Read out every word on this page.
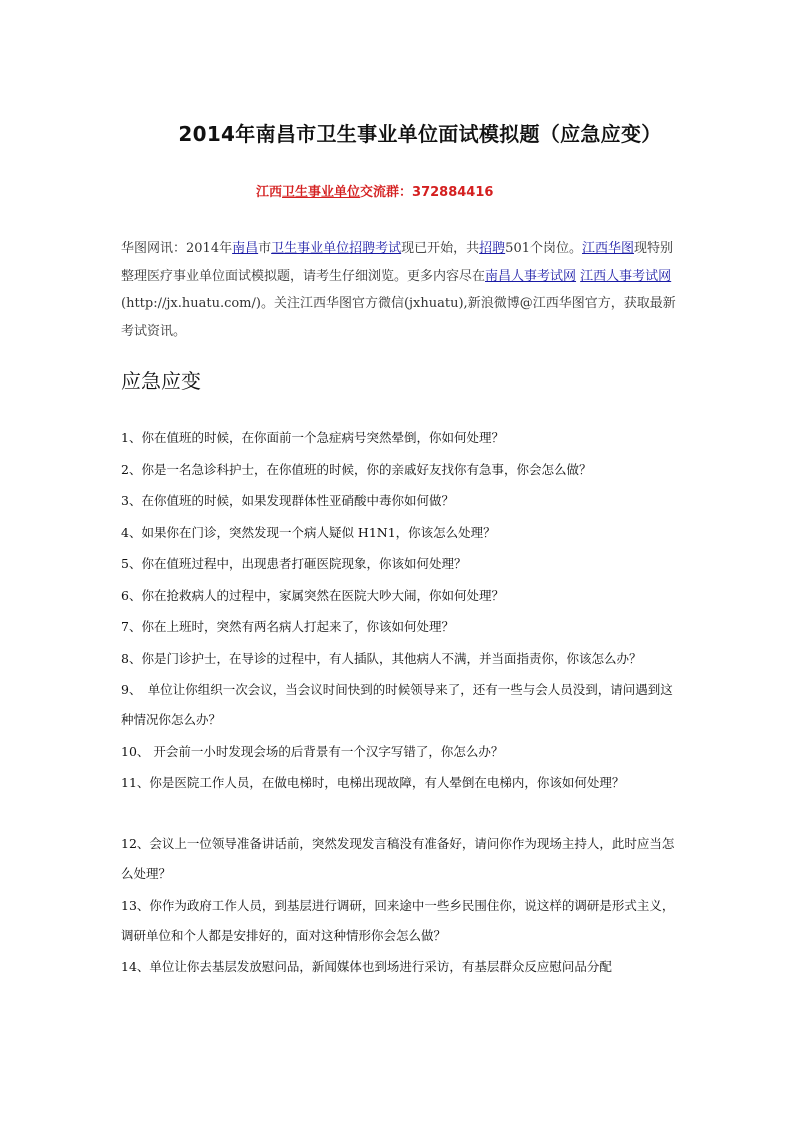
2014年南昌市卫生事业单位面试模拟题（应急应变）
江西卫生事业单位交流群：372884416
华图网讯：2014年南昌市卫生事业单位招聘考试现已开始，共招聘501个岗位。江西华图现特别整理医疗事业单位面试模拟题，请考生仔细浏览。更多内容尽在南昌人事考试网 江西人事考试网(http://jx.huatu.com/)。关注江西华图官方微信(jxhuatu),新浪微博@江西华图官方，获取最新考试资讯。
应急应变
1、你在值班的时候，在你面前一个急症病号突然晕倒，你如何处理？
2、你是一名急诊科护士，在你值班的时候，你的亲戚好友找你有急事，你会怎么做？
3、在你值班的时候，如果发现群体性亚硝酸中毒你如何做？
4、如果你在门诊，突然发现一个病人疑似 H1N1，你该怎么处理？
5、你在值班过程中，出现患者打砸医院现象，你该如何处理？
6、你在抢救病人的过程中，家属突然在医院大吵大闹，你如何处理？
7、你在上班时，突然有两名病人打起来了，你该如何处理？
8、你是门诊护士，在导诊的过程中，有人插队，其他病人不满，并当面指责你，你该怎么办？
9、　单位让你组织一次会议，当会议时间快到的时候领导来了，还有一些与会人员没到，请问遇到这种情况你怎么办？
10、 开会前一小时发现会场的后背景有一个汉字写错了，你怎么办？
11、你是医院工作人员，在做电梯时，电梯出现故障，有人晕倒在电梯内，你该如何处理？
12、会议上一位领导准备讲话前，突然发现发言稿没有准备好，请问你作为现场主持人，此时应当怎么处理？
13、你作为政府工作人员，到基层进行调研，回来途中一些乡民围住你，说这样的调研是形式主义，调研单位和个人都是安排好的，面对这种情形你会怎么做？
14、单位让你去基层发放慰问品，新闻媒体也到场进行采访，有基层群众反应慰问品分配
